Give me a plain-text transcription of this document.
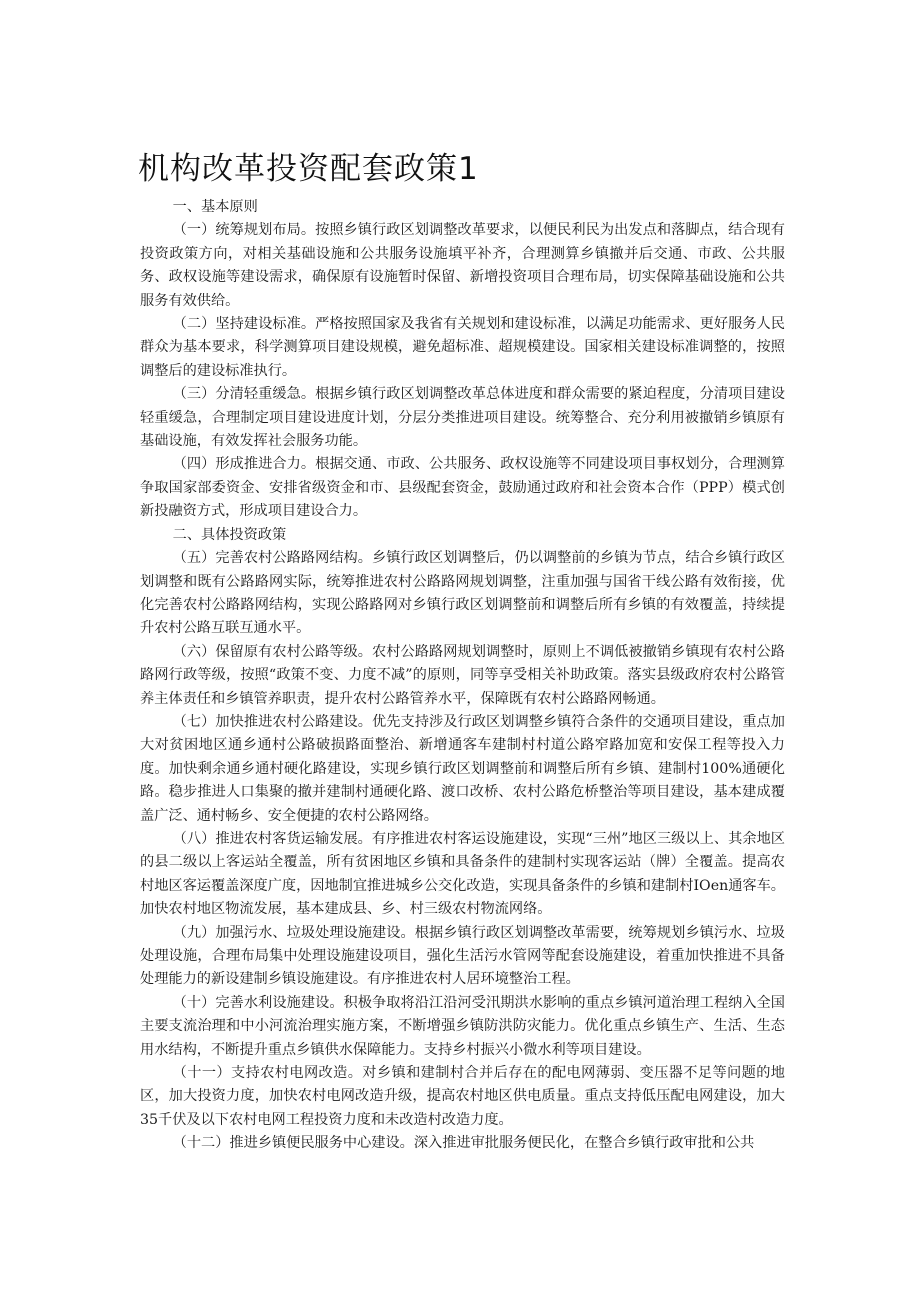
机构改革投资配套政策1

一、基本原则

（一）统筹规划布局。按照乡镇行政区划调整改革要求，以便民利民为出发点和落脚点，结合现有投资政策方向，对相关基础设施和公共服务设施填平补齐，合理测算乡镇撤并后交通、市政、公共服务、政权设施等建设需求，确保原有设施暂时保留、新增投资项目合理布局，切实保障基础设施和公共服务有效供给。

（二）坚持建设标准。严格按照国家及我省有关规划和建设标准，以满足功能需求、更好服务人民群众为基本要求，科学测算项目建设规模，避免超标准、超规模建设。国家相关建设标准调整的，按照调整后的建设标准执行。

（三）分清轻重缓急。根据乡镇行政区划调整改革总体进度和群众需要的紧迫程度，分清项目建设轻重缓急，合理制定项目建设进度计划，分层分类推进项目建设。统筹整合、充分利用被撤销乡镇原有基础设施，有效发挥社会服务功能。

（四）形成推进合力。根据交通、市政、公共服务、政权设施等不同建设项目事权划分，合理测算争取国家部委资金、安排省级资金和市、县级配套资金，鼓励通过政府和社会资本合作（PPP）模式创新投融资方式，形成项目建设合力。

二、具体投资政策

（五）完善农村公路路网结构。乡镇行政区划调整后，仍以调整前的乡镇为节点，结合乡镇行政区划调整和既有公路路网实际，统筹推进农村公路路网规划调整，注重加强与国省干线公路有效衔接，优化完善农村公路路网结构，实现公路路网对乡镇行政区划调整前和调整后所有乡镇的有效覆盖，持续提升农村公路互联互通水平。

（六）保留原有农村公路等级。农村公路路网规划调整时，原则上不调低被撤销乡镇现有农村公路路网行政等级，按照“政策不变、力度不减”的原则，同等享受相关补助政策。落实县级政府农村公路管养主体责任和乡镇管养职责，提升农村公路管养水平，保障既有农村公路路网畅通。

（七）加快推进农村公路建设。优先支持涉及行政区划调整乡镇符合条件的交通项目建设，重点加大对贫困地区通乡通村公路破损路面整治、新增通客车建制村村道公路窄路加宽和安保工程等投入力度。加快剩余通乡通村硬化路建设，实现乡镇行政区划调整前和调整后所有乡镇、建制村100%通硬化路。稳步推进人口集聚的撤并建制村通硬化路、渡口改桥、农村公路危桥整治等项目建设，基本建成覆盖广泛、通村畅乡、安全便捷的农村公路网络。

（八）推进农村客货运输发展。有序推进农村客运设施建设，实现“三州”地区三级以上、其余地区的县二级以上客运站全覆盖，所有贫困地区乡镇和具备条件的建制村实现客运站（牌）全覆盖。提高农村地区客运覆盖深度广度，因地制宜推进城乡公交化改造，实现具备条件的乡镇和建制村IOen通客车。加快农村地区物流发展，基本建成县、乡、村三级农村物流网络。

（九）加强污水、垃圾处理设施建设。根据乡镇行政区划调整改革需要，统筹规划乡镇污水、垃圾处理设施，合理布局集中处理设施建设项目，强化生活污水管网等配套设施建设，着重加快推进不具备处理能力的新设建制乡镇设施建设。有序推进农村人居环境整治工程。

（十）完善水利设施建设。积极争取将沿江沿河受汛期洪水影响的重点乡镇河道治理工程纳入全国主要支流治理和中小河流治理实施方案，不断增强乡镇防洪防灾能力。优化重点乡镇生产、生活、生态用水结构，不断提升重点乡镇供水保障能力。支持乡村振兴小微水利等项目建设。

（十一）支持农村电网改造。对乡镇和建制村合并后存在的配电网薄弱、变压器不足等问题的地区，加大投资力度，加快农村电网改造升级，提高农村地区供电质量。重点支持低压配电网建设，加大35千伏及以下农村电网工程投资力度和未改造村改造力度。

（十二）推进乡镇便民服务中心建设。深入推进审批服务便民化，在整合乡镇行政审批和公共
